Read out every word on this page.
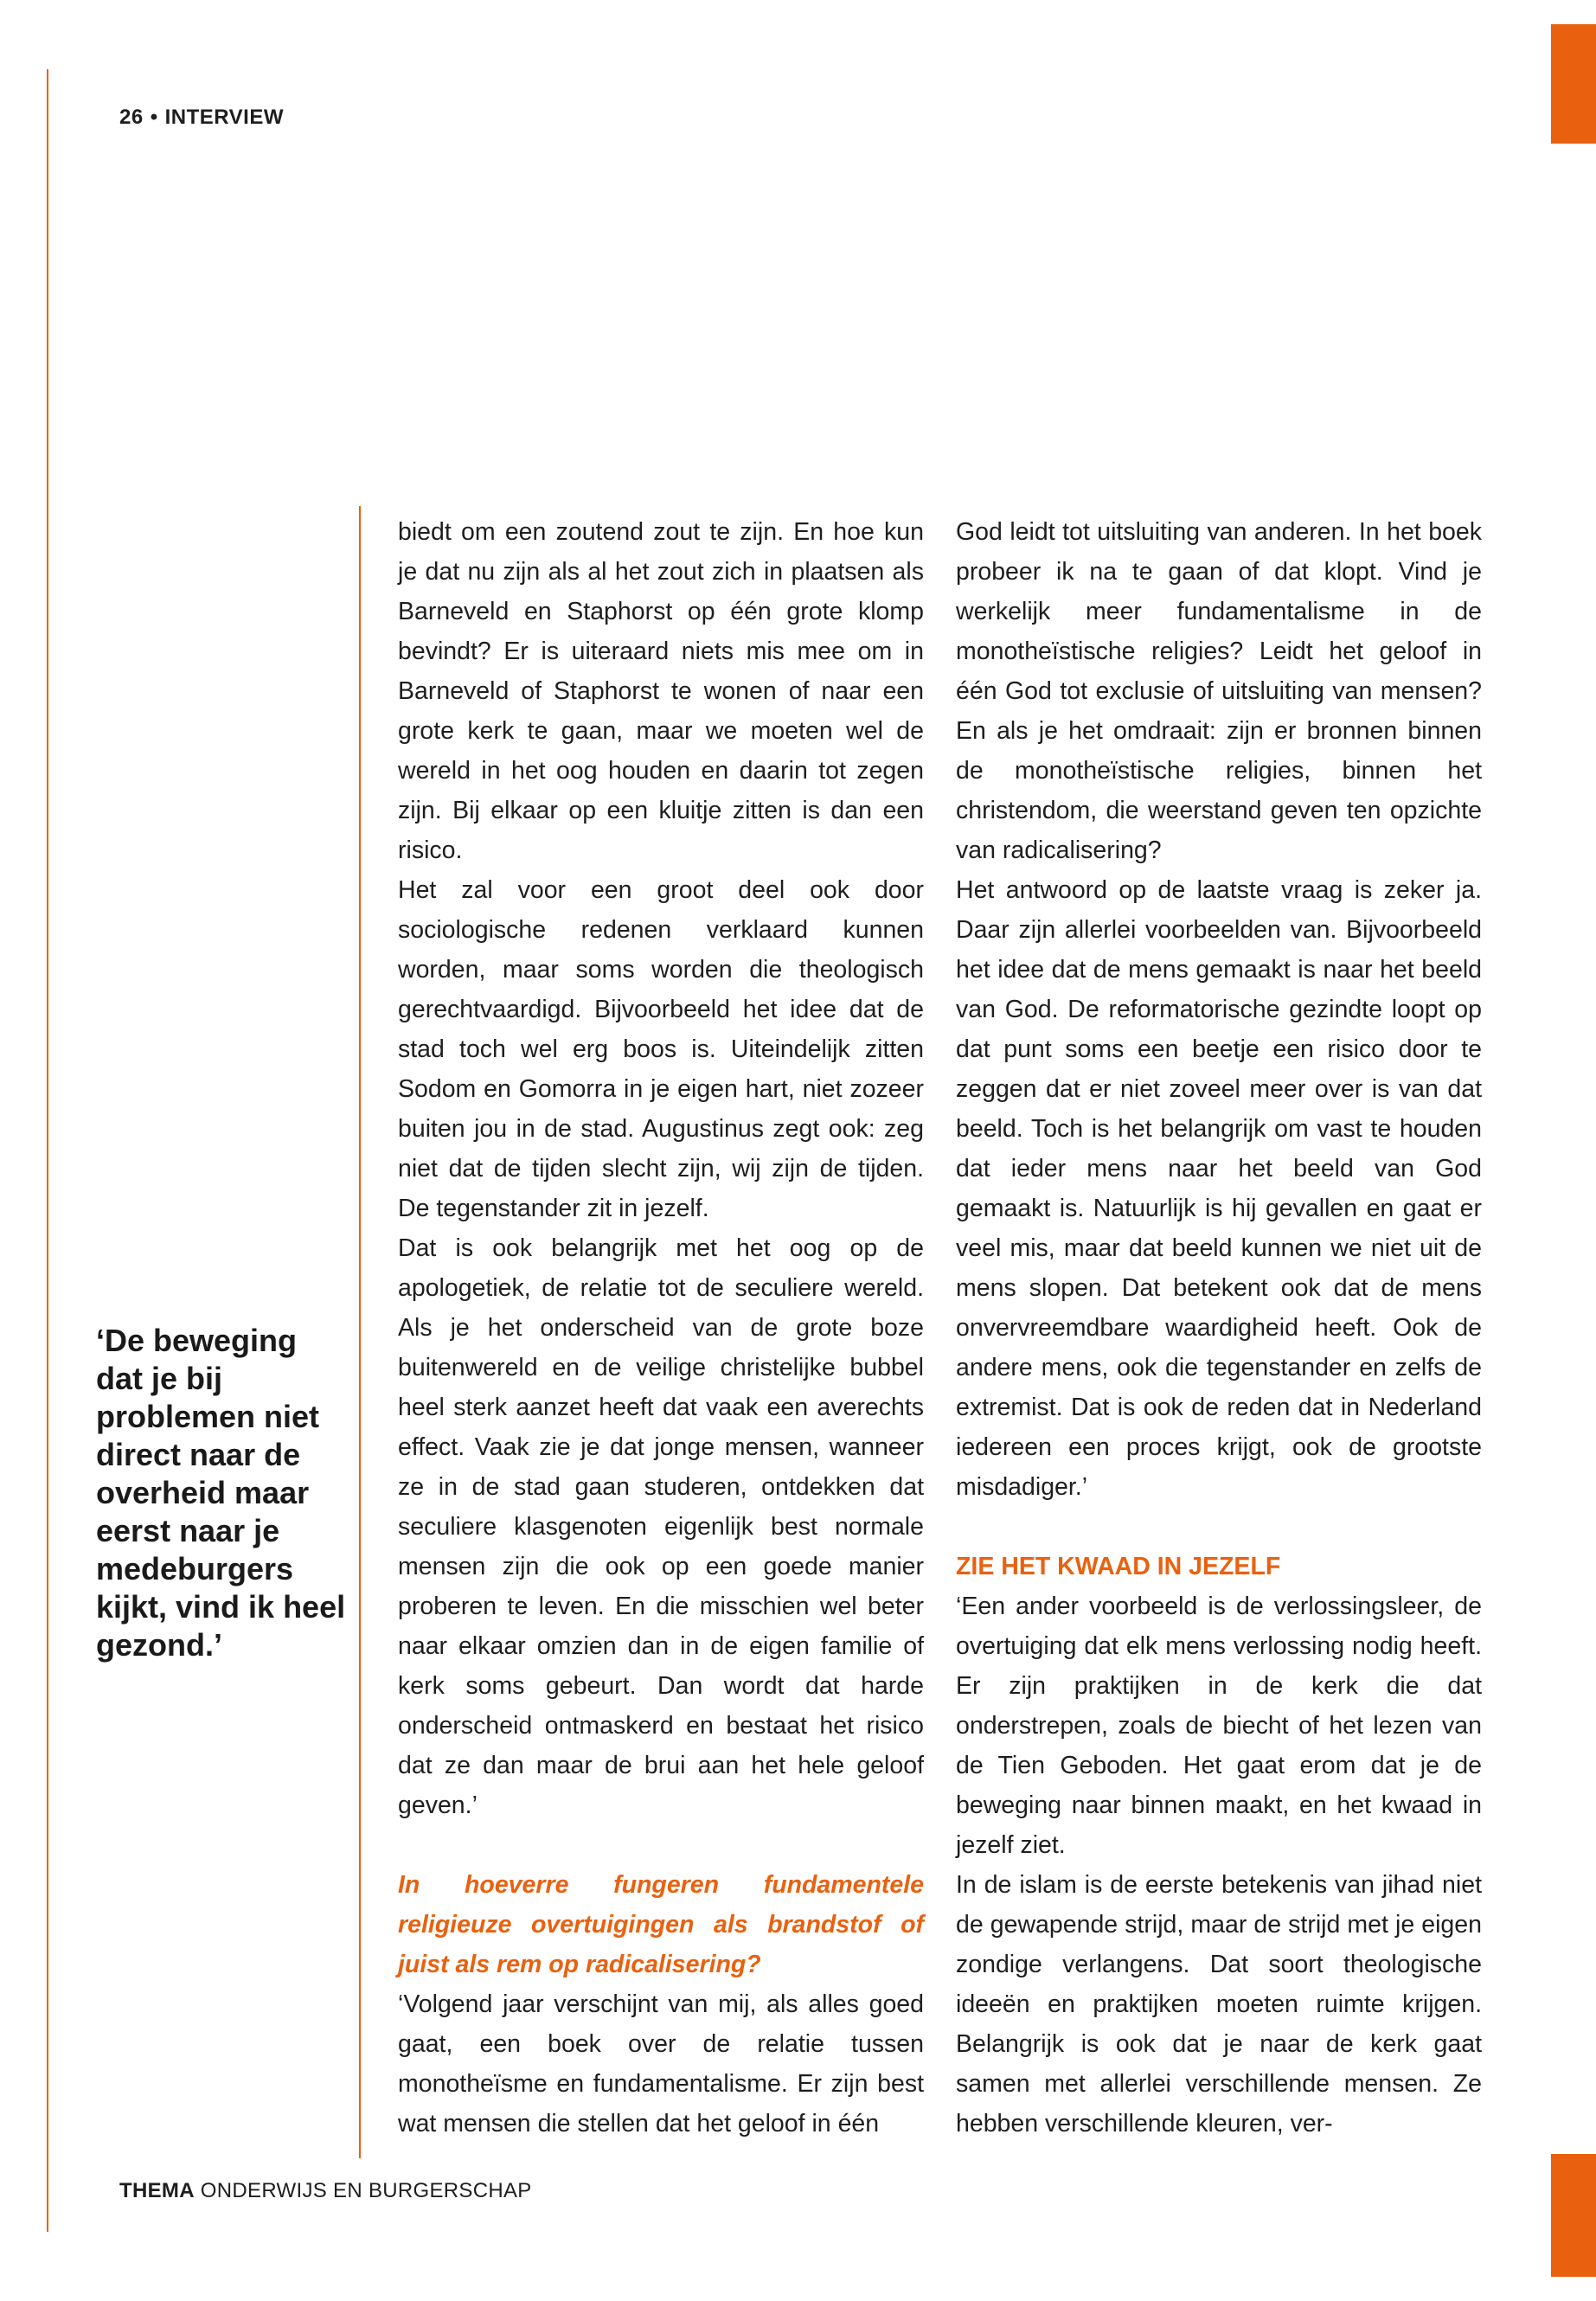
26 • INTERVIEW
‘De beweging dat je bij problemen niet direct naar de overheid maar eerst naar je medeburgers kijkt, vind ik heel gezond.’

biedt om een zoutend zout te zijn. En hoe kun je dat nu zijn als al het zout zich in plaatsen als Barneveld en Staphorst op één grote klomp bevindt? Er is uiteraard niets mis mee om in Barneveld of Staphorst te wonen of naar een grote kerk te gaan, maar we moeten wel de wereld in het oog houden en daarin tot zegen zijn. Bij elkaar op een kluitje zitten is dan een risico.

Het zal voor een groot deel ook door sociologische redenen verklaard kunnen worden, maar soms worden die theologisch gerechtvaardigd. Bijvoorbeeld het idee dat de stad toch wel erg boos is. Uiteindelijk zitten Sodom en Gomorra in je eigen hart, niet zozeer buiten jou in de stad. Augustinus zegt ook: zeg niet dat de tijden slecht zijn, wij zijn de tijden. De tegenstander zit in jezelf.

Dat is ook belangrijk met het oog op de apologetiek, de relatie tot de seculiere wereld. Als je het onderscheid van de grote boze buitenwereld en de veilige christelijke bubbel heel sterk aanzet heeft dat vaak een averechts effect. Vaak zie je dat jonge mensen, wanneer ze in de stad gaan studeren, ontdekken dat seculiere klasgenoten eigenlijk best normale mensen zijn die ook op een goede manier proberen te leven. En die misschien wel beter naar elkaar omzien dan in de eigen familie of kerk soms gebeurt. Dan wordt dat harde onderscheid ontmaskerd en bestaat het risico dat ze dan maar de brui aan het hele geloof geven.’

In hoeverre fungeren fundamentele religieuze overtuigingen als brandstof of juist als rem op radicalisering?

‘Volgend jaar verschijnt van mij, als alles goed gaat, een boek over de relatie tussen monotheïsme en fundamentalisme. Er zijn best wat mensen die stellen dat het geloof in één

God leidt tot uitsluiting van anderen. In het boek probeer ik na te gaan of dat klopt. Vind je werkelijk meer fundamentalisme in de monotheïstische religies? Leidt het geloof in één God tot exclusie of uitsluiting van mensen? En als je het omdraait: zijn er bronnen binnen de monotheïstische religies, binnen het christendom, die weerstand geven ten opzichte van radicalisering?

Het antwoord op de laatste vraag is zeker ja. Daar zijn allerlei voorbeelden van. Bijvoorbeeld het idee dat de mens gemaakt is naar het beeld van God. De reformatorische gezindte loopt op dat punt soms een beetje een risico door te zeggen dat er niet zoveel meer over is van dat beeld. Toch is het belangrijk om vast te houden dat ieder mens naar het beeld van God gemaakt is. Natuurlijk is hij gevallen en gaat er veel mis, maar dat beeld kunnen we niet uit de mens slopen. Dat betekent ook dat de mens onvervreemdbare waardigheid heeft. Ook de andere mens, ook die tegenstander en zelfs de extremist. Dat is ook de reden dat in Nederland iedereen een proces krijgt, ook de grootste misdadiger.’

ZIE HET KWAAD IN JEZELF

‘Een ander voorbeeld is de verlossingsleer, de overtuiging dat elk mens verlossing nodig heeft. Er zijn praktijken in de kerk die dat onderstrepen, zoals de biecht of het lezen van de Tien Geboden. Het gaat erom dat je de beweging naar binnen maakt, en het kwaad in jezelf ziet.

In de islam is de eerste betekenis van jihad niet de gewapende strijd, maar de strijd met je eigen zondige verlangens. Dat soort theologische ideeën en praktijken moeten ruimte krijgen. Belangrijk is ook dat je naar de kerk gaat samen met allerlei verschillende mensen. Ze hebben verschillende kleuren, ver-

THEMA ONDERWIJS EN BURGERSCHAP
